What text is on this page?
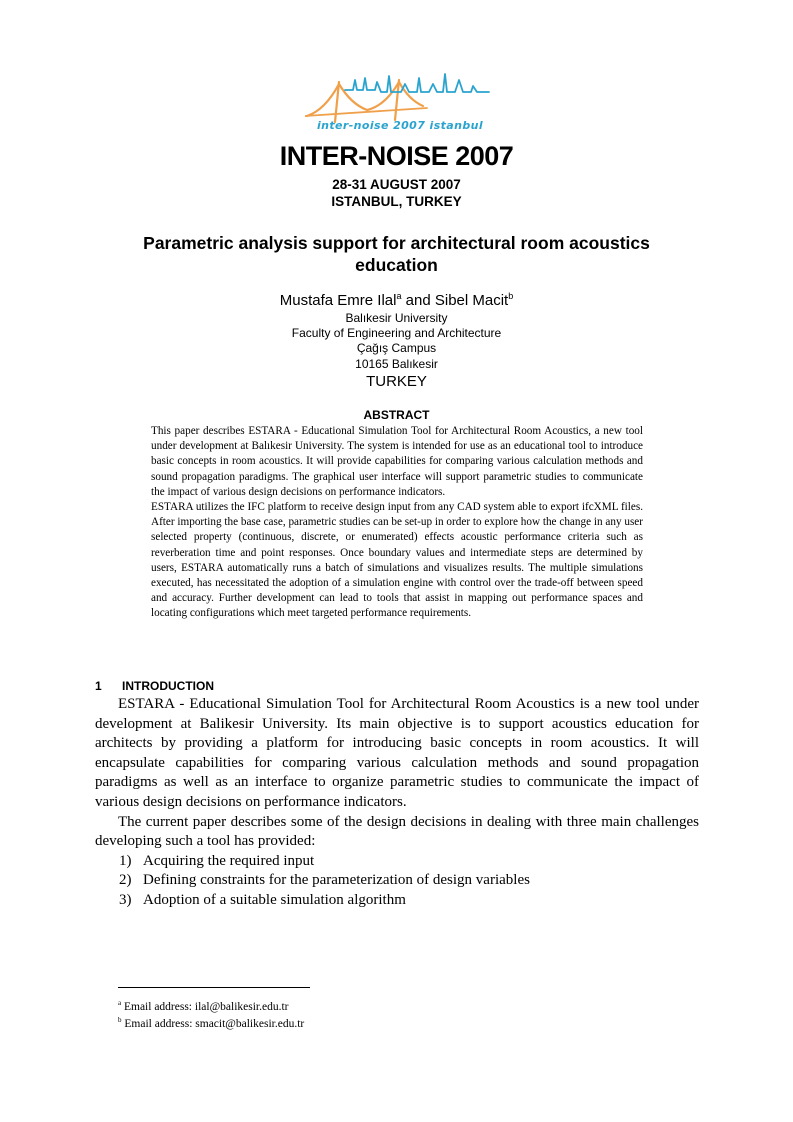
inter-noise 2007 istanbul
INTER-NOISE 2007
28-31 AUGUST 2007
ISTANBUL, TURKEY
Parametric analysis support for architectural room acoustics
education
Mustafa Emre Ilal$^a$ and Sibel Macit$^b$
Balıkesir University
Faculty of Engineering and Architecture
Çağış Campus
10165 Balıkesir
TURKEY
ABSTRACT

This paper describes ESTARA - Educational Simulation Tool for Architectural Room Acoustics, a new tool under development at Balıkesir University. The system is intended for use as an educational tool to introduce basic concepts in room acoustics. It will provide capabilities for comparing various calculation methods and sound propagation paradigms. The graphical user interface will support parametric studies to communicate the impact of various design decisions on performance indicators.

ESTARA utilizes the IFC platform to receive design input from any CAD system able to export ifcXML files. After importing the base case, parametric studies can be set-up in order to explore how the change in any user selected property (continuous, discrete, or enumerated) effects acoustic performance criteria such as reverberation time and point responses. Once boundary values and intermediate steps are determined by users, ESTARA automatically runs a batch of simulations and visualizes results. The multiple simulations executed, has necessitated the adoption of a simulation engine with control over the trade-off between speed and accuracy. Further development can lead to tools that assist in mapping out performance spaces and locating configurations which meet targeted performance requirements.

1 INTRODUCTION

ESTARA - Educational Simulation Tool for Architectural Room Acoustics is a new tool under development at Balikesir University. Its main objective is to support acoustics education for architects by providing a platform for introducing basic concepts in room acoustics. It will encapsulate capabilities for comparing various calculation methods and sound propagation paradigms as well as an interface to organize parametric studies to communicate the impact of various design decisions on performance indicators.

The current paper describes some of the design decisions in dealing with three main challenges developing such a tool has provided:

1) Acquiring the required input
2) Defining constraints for the parameterization of design variables
3) Adoption of a suitable simulation algorithm
$^a$ Email address: ilal@balikesir.edu.tr
$^b$ Email address: smacit@balikesir.edu.tr
